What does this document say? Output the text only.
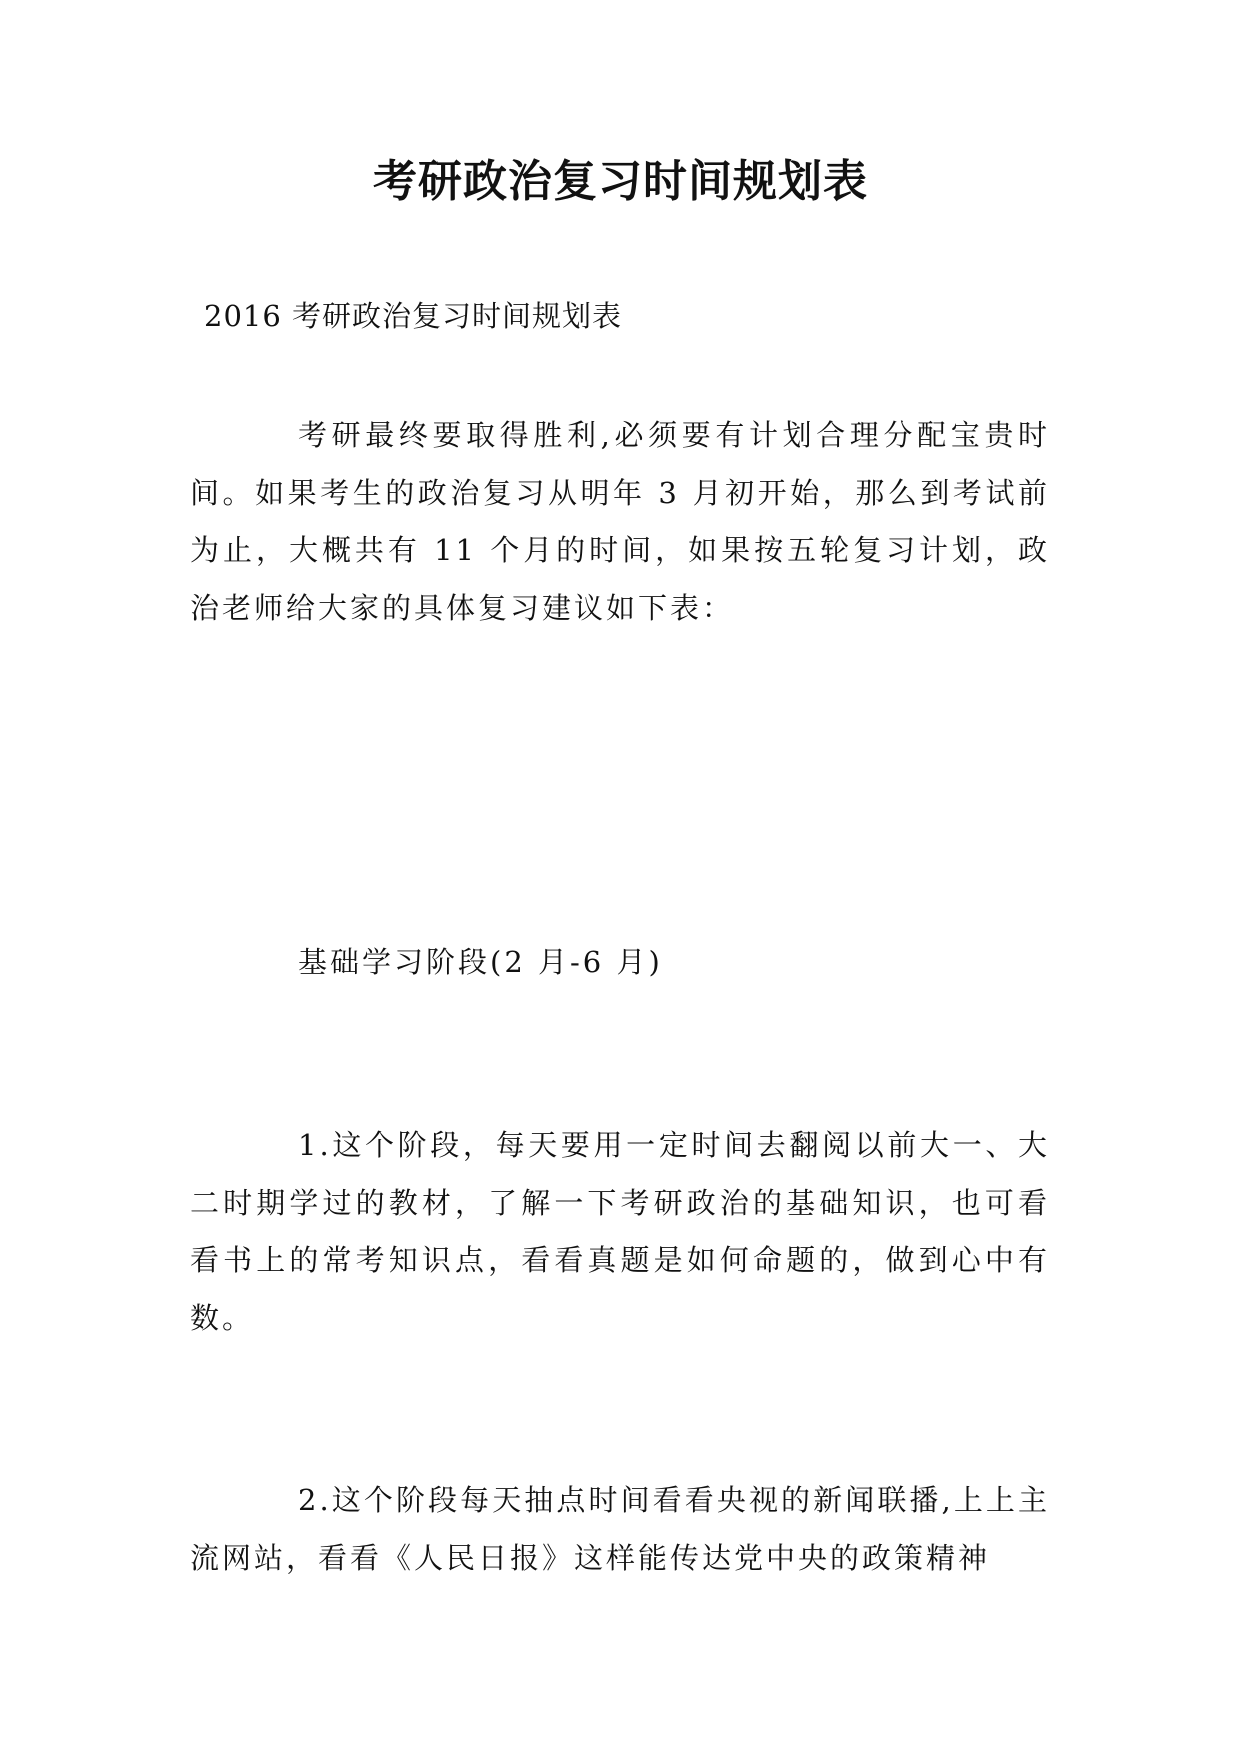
考研政治复习时间规划表
2016 考研政治复习时间规划表

考研最终要取得胜利,必须要有计划合理分配宝贵时间。如果考生的政治复习从明年 3 月初开始，那么到考试前为止，大概共有 11 个月的时间，如果按五轮复习计划，政治老师给大家的具体复习建议如下表：

基础学习阶段(2 月-6 月)

1.这个阶段，每天要用一定时间去翻阅以前大一、大二时期学过的教材，了解一下考研政治的基础知识，也可看看书上的常考知识点，看看真题是如何命题的，做到心中有数。

2.这个阶段每天抽点时间看看央视的新闻联播,上上主流网站，看看《人民日报》这样能传达党中央的政策精神
